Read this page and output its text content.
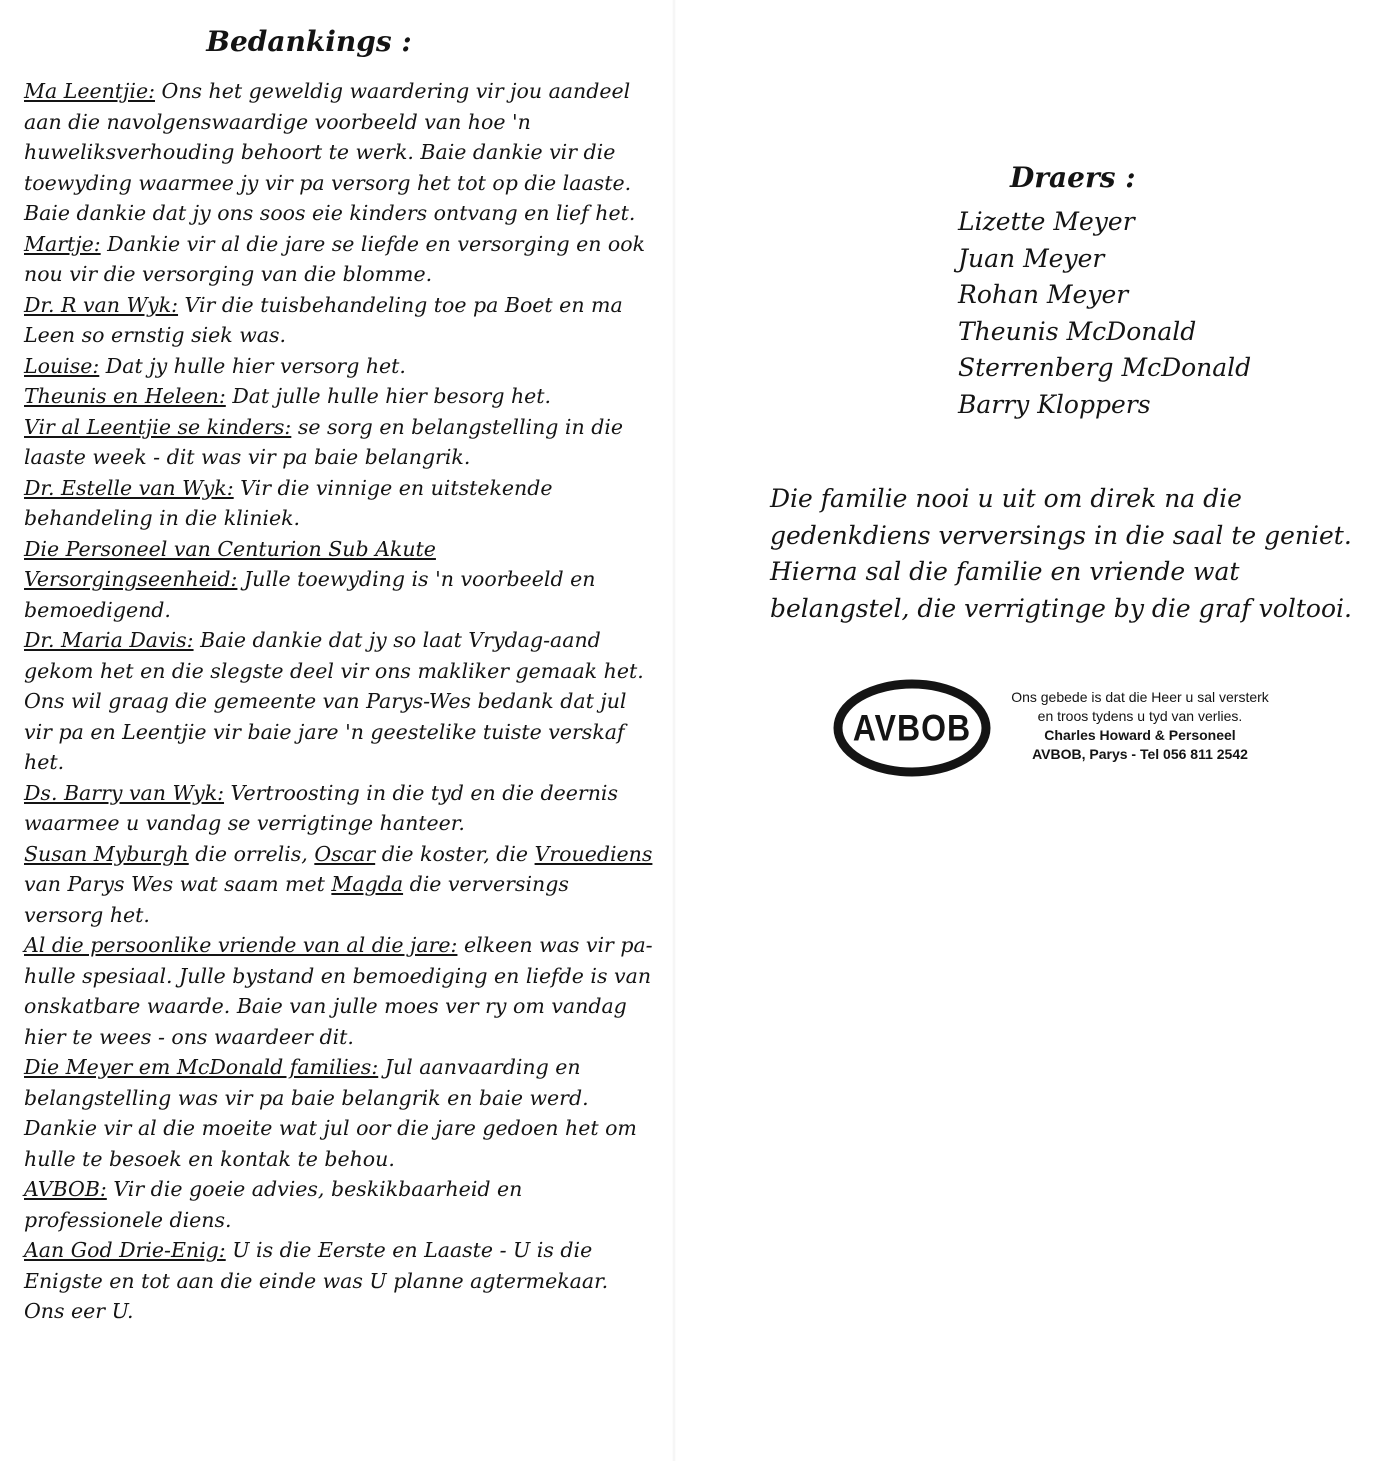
Bedankings :

Ma Leentjie: Ons het geweldig waardering vir jou aandeel aan die navolgenswaardige voorbeeld van hoe 'n huweliksverhouding behoort te werk. Baie dankie vir die toewyding waarmee jy vir pa versorg het tot op die laaste. Baie dankie dat jy ons soos eie kinders ontvang en lief het.

Martje: Dankie vir al die jare se liefde en versorging en ook nou vir die versorging van die blomme.

Dr. R van Wyk: Vir die tuisbehandeling toe pa Boet en ma Leen so ernstig siek was.

Louise: Dat jy hulle hier versorg het.

Theunis en Heleen: Dat julle hulle hier besorg het.

Vir al Leentjie se kinders: se sorg en belangstelling in die laaste week - dit was vir pa baie belangrik.

Dr. Estelle van Wyk: Vir die vinnige en uitstekende behandeling in die kliniek.

Die Personeel van Centurion Sub Akute Versorgingseenheid: Julle toewyding is 'n voorbeeld en bemoedigend.

Dr. Maria Davis: Baie dankie dat jy so laat Vrydag-aand gekom het en die slegste deel vir ons makliker gemaak het. Ons wil graag die gemeente van Parys-Wes bedank dat jul vir pa en Leentjie vir baie jare 'n geestelike tuiste verskaf het.

Ds. Barry van Wyk: Vertroosting in die tyd en die deernis waarmee u vandag se verrigtinge hanteer.

Susan Myburgh die orrelis, Oscar die koster, die Vrouediens van Parys Wes wat saam met Magda die verversings versorg het.

Al die persoonlike vriende van al die jare: elkeen was vir pa-hulle spesiaal. Julle bystand en bemoediging en liefde is van onskatbare waarde. Baie van julle moes ver ry om vandag hier te wees - ons waardeer dit.

Die Meyer em McDonald families: Jul aanvaarding en belangstelling was vir pa baie belangrik en baie werd. Dankie vir al die moeite wat jul oor die jare gedoen het om hulle te besoek en kontak te behou.

AVBOB: Vir die goeie advies, beskikbaarheid en professionele diens.

Aan God Drie-Enig: U is die Eerste en Laaste - U is die Enigste en tot aan die einde was U planne agtermekaar. Ons eer U.

Draers :
Lizette Meyer
Juan Meyer
Rohan Meyer
Theunis McDonald
Sterrenberg McDonald
Barry Kloppers

Die familie nooi u uit om direk na die gedenkdiens verversings in die saal te geniet. Hierna sal die familie en vriende wat belangstel, die verrigtinge by die graf voltooi.

AVBOB
Ons gebede is dat die Heer u sal versterk
en troos tydens u tyd van verlies.
Charles Howard & Personeel
AVBOB, Parys - Tel 056 811 2542
